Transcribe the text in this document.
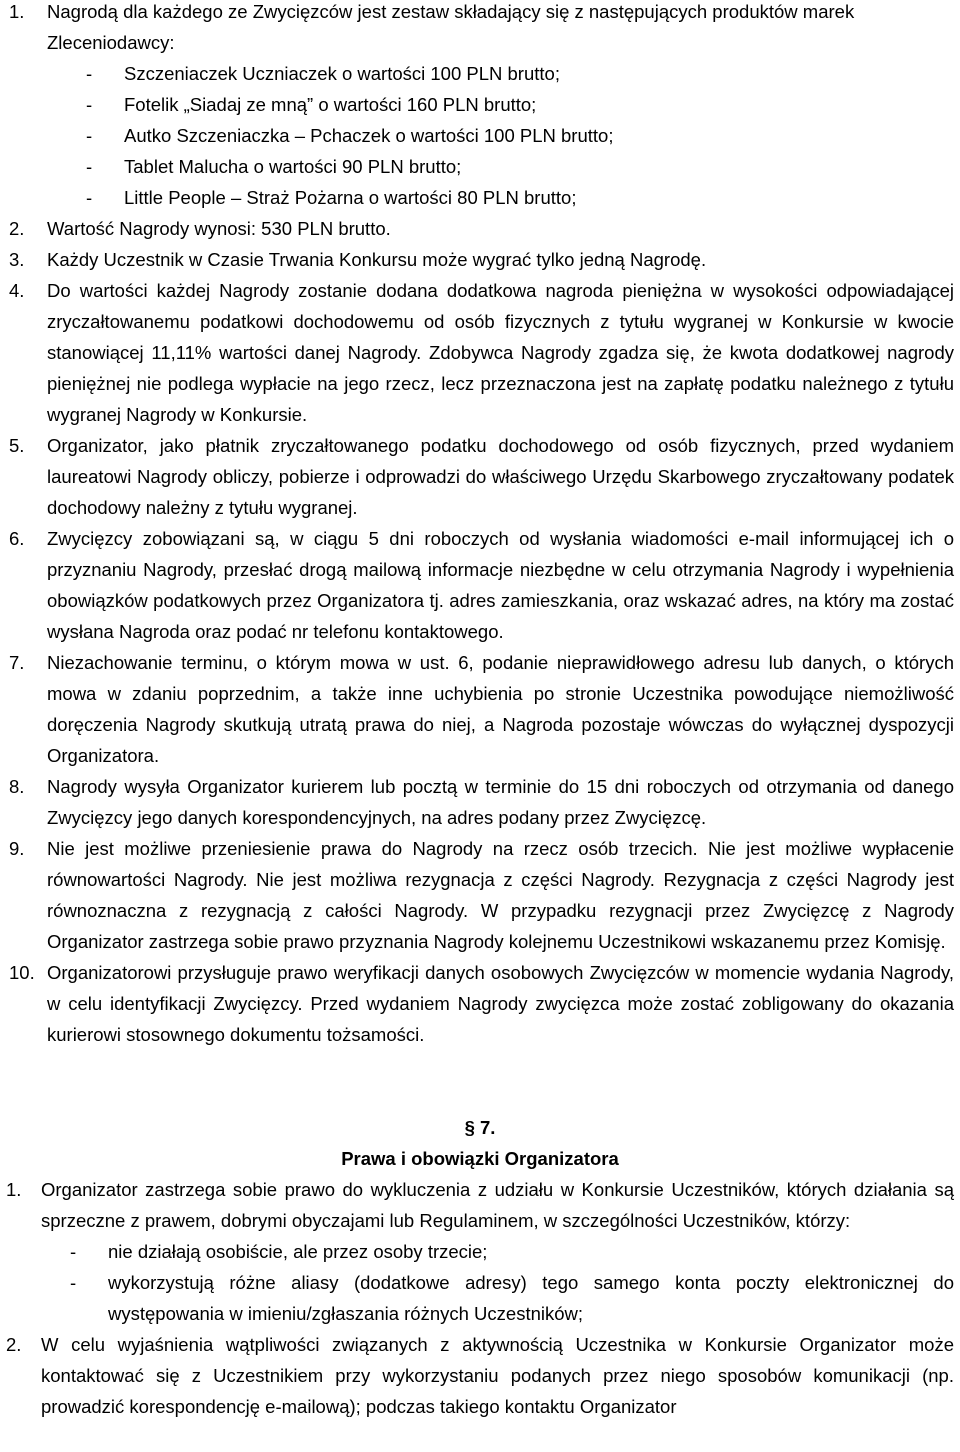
1. Nagrodą dla każdego ze Zwycięzców jest zestaw składający się z następujących produktów marek Zleceniodawcy:
- Szczeniaczek Uczniaczek o wartości 100 PLN brutto;
- Fotelik „Siadaj ze mną” o wartości 160 PLN brutto;
- Autko Szczeniaczka – Pchaczek o wartości 100 PLN brutto;
- Tablet Malucha o wartości 90 PLN brutto;
- Little People – Straż Pożarna o wartości 80 PLN brutto;
2. Wartość Nagrody wynosi: 530 PLN brutto.
3. Każdy Uczestnik w Czasie Trwania Konkursu może wygrać tylko jedną Nagrodę.
4. Do wartości każdej Nagrody zostanie dodana dodatkowa nagroda pieniężna w wysokości odpowiadającej zryczałtowanemu podatkowi dochodowemu od osób fizycznych z tytułu wygranej w Konkursie w kwocie stanowiącej 11,11% wartości danej Nagrody. Zdobywca Nagrody zgadza się, że kwota dodatkowej nagrody pieniężnej nie podlega wypłacie na jego rzecz, lecz przeznaczona jest na zapłatę podatku należnego z tytułu wygranej Nagrody w Konkursie.
5. Organizator, jako płatnik zryczałtowanego podatku dochodowego od osób fizycznych, przed wydaniem laureatowi Nagrody obliczy, pobierze i odprowadzi do właściwego Urzędu Skarbowego zryczałtowany podatek dochodowy należny z tytułu wygranej.
6. Zwycięzcy zobowiązani są, w ciągu 5 dni roboczych od wysłania wiadomości e-mail informującej ich o przyznaniu Nagrody, przesłać drogą mailową informacje niezbędne w celu otrzymania Nagrody i wypełnienia obowiązków podatkowych przez Organizatora tj. adres zamieszkania, oraz wskazać adres, na który ma zostać wysłana Nagroda oraz podać nr telefonu kontaktowego.
7. Niezachowanie terminu, o którym mowa w ust. 6, podanie nieprawidłowego adresu lub danych, o których mowa w zdaniu poprzednim, a także inne uchybienia po stronie Uczestnika powodujące niemożliwość doręczenia Nagrody skutkują utratą prawa do niej, a Nagroda pozostaje wówczas do wyłącznej dyspozycji Organizatora.
8. Nagrody wysyła Organizator kurierem lub pocztą w terminie do 15 dni roboczych od otrzymania od danego Zwycięzcy jego danych korespondencyjnych, na adres podany przez Zwycięzcę.
9. Nie jest możliwe przeniesienie prawa do Nagrody na rzecz osób trzecich. Nie jest możliwe wypłacenie równowartości Nagrody. Nie jest możliwa rezygnacja z części Nagrody. Rezygnacja z części Nagrody jest równoznaczna z rezygnacją z całości Nagrody. W przypadku rezygnacji przez Zwycięzcę z Nagrody Organizator zastrzega sobie prawo przyznania Nagrody kolejnemu Uczestnikowi wskazanemu przez Komisję.
10. Organizatorowi przysługuje prawo weryfikacji danych osobowych Zwycięzców w momencie wydania Nagrody, w celu identyfikacji Zwycięzcy. Przed wydaniem Nagrody zwycięzca może zostać zobligowany do okazania kurierowi stosownego dokumentu tożsamości.
§ 7.
Prawa i obowiązki Organizatora
1. Organizator zastrzega sobie prawo do wykluczenia z udziału w Konkursie Uczestników, których działania są sprzeczne z prawem, dobrymi obyczajami lub Regulaminem, w szczególności Uczestników, którzy:
- nie działają osobiście, ale przez osoby trzecie;
- wykorzystują różne aliasy (dodatkowe adresy) tego samego konta poczty elektronicznej do występowania w imieniu/zgłaszania różnych Uczestników;
2. W celu wyjaśnienia wątpliwości związanych z aktywnością Uczestnika w Konkursie Organizator może kontaktować się z Uczestnikiem przy wykorzystaniu podanych przez niego sposobów komunikacji (np. prowadzić korespondencję e-mailową); podczas takiego kontaktu Organizator
